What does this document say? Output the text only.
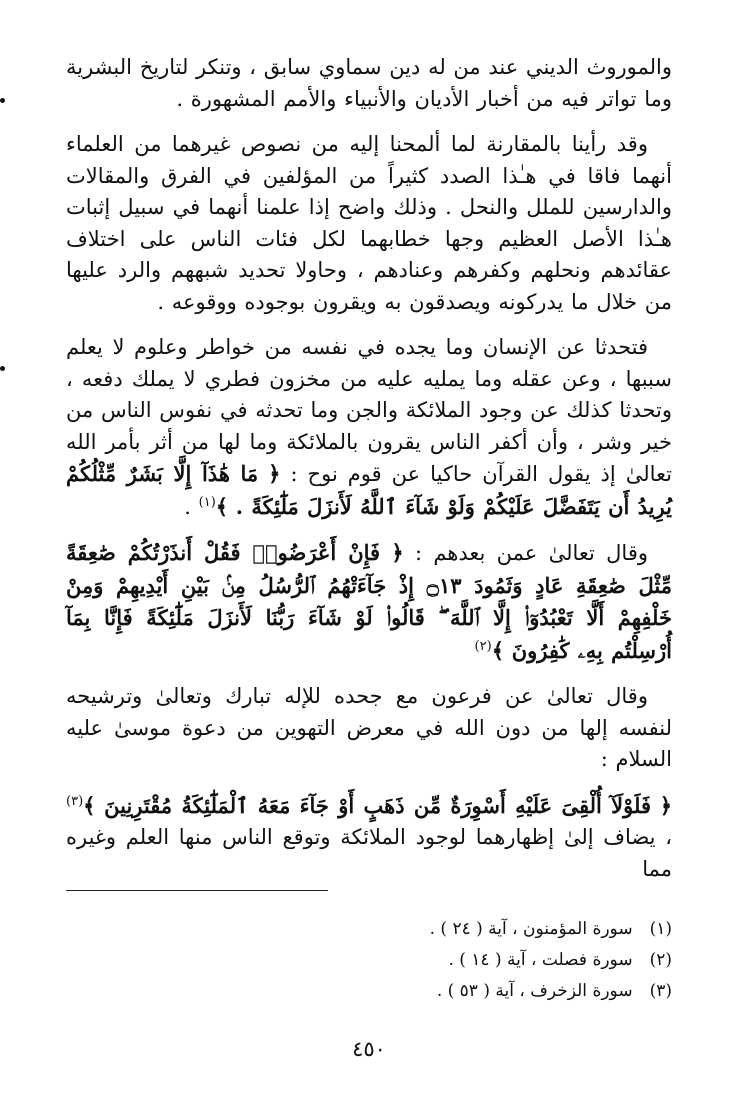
والموروث الديني عند من له دين سماوي سابق ، وتنكر لتاريخ البشرية وما تواتر فيه من أخبار الأديان والأنبياء والأمم المشهورة .

وقد رأينا بالمقارنة لما ألمحنا إليه من نصوص غيرهما من العلماء أنهما فاقا في هـٰذا الصدد كثيراً من المؤلفين في الفرق والمقالات والدارسين للملل والنحل . وذلك واضح إذا علمنا أنهما في سبيل إثبات هـٰذا الأصل العظيم وجها خطابهما لكل فئات الناس على اختلاف عقائدهم ونحلهم وكفرهم وعنادهم ، وحاولا تحديد شبههم والرد عليها من خلال ما يدركونه ويصدقون به ويقرون بوجوده ووقوعه .

فتحدثا عن الإنسان وما يجده في نفسه من خواطر وعلوم لا يعلم سببها ، وعن عقله وما يمليه عليه من مخزون فطري لا يملك دفعه ، وتحدثا كذلك عن وجود الملائكة والجن وما تحدثه في نفوس الناس من خير وشر ، وأن أكفر الناس يقرون بالملائكة وما لها من أثر بأمر الله تعالىٰ إذ يقول القرآن حاكيا عن قوم نوح : ﴿ مَا هَٰذَآ إِلَّا بَشَرٌ مِّثْلُكُمْ يُرِيدُ أَن يَتَفَضَّلَ عَلَيْكُمْ وَلَوْ شَآءَ ٱللَّهُ لَأَنزَلَ مَلَٰٓئِكَةً . ﴾$^{(١)}$ .

وقال تعالىٰ عمن بعدهم : ﴿ فَإِنْ أَعْرَضُوا۟ فَقُلْ أَنذَرْتُكُمْ صَٰعِقَةً مِّثْلَ صَٰعِقَةِ عَادٍ وَثَمُودَ ۝١٣ إِذْ جَآءَتْهُمُ ٱلرُّسُلُ مِنۢ بَيْنِ أَيْدِيهِمْ وَمِنْ خَلْفِهِمْ أَلَّا تَعْبُدُوٓا۟ إِلَّا ٱللَّهَ ۖ قَالُوا۟ لَوْ شَآءَ رَبُّنَا لَأَنزَلَ مَلَٰٓئِكَةً فَإِنَّا بِمَآ أُرْسِلْتُم بِهِۦ كَٰفِرُونَ ﴾$^{(٢)}$

وقال تعالىٰ عن فرعون مع جحده للإله تبارك وتعالىٰ وترشيحه لنفسه إلها من دون الله في معرض التهوين من دعوة موسىٰ عليه السلام :

﴿ فَلَوْلَآ أُلْقِىَ عَلَيْهِ أَسْوِرَةٌ مِّن ذَهَبٍ أَوْ جَآءَ مَعَهُ ٱلْمَلَٰٓئِكَةُ مُقْتَرِنِينَ ﴾$^{(٣)}$ ، يضاف إلىٰ إظهارهما لوجود الملائكة وتوقع الناس منها العلم وغيره مما

(١) سورة المؤمنون ، آية ( ٢٤ ) .
(٢) سورة فصلت ، آية ( ١٤ ) .
(٣) سورة الزخرف ، آية ( ٥٣ ) .
٤٥٠
